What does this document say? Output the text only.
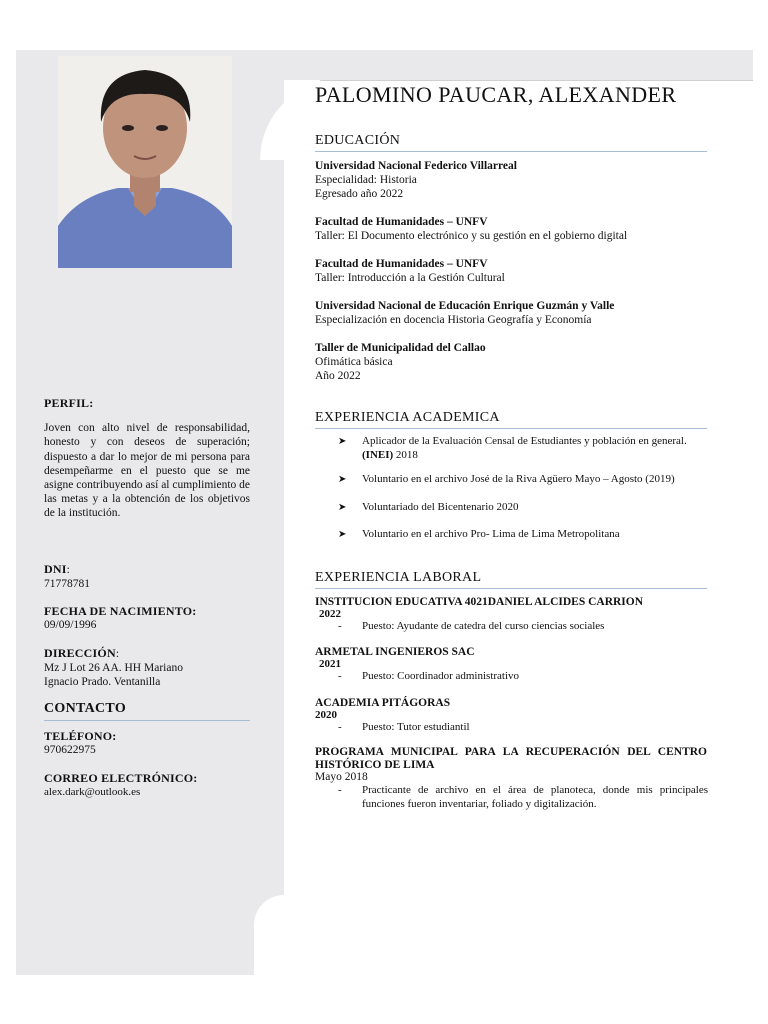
PALOMINO PAUCAR, ALEXANDER
PERFIL:
Joven con alto nivel de responsabilidad, honesto y con deseos de superación; dispuesto a dar lo mejor de mi persona para desempeñarme en el puesto que se me asigne contribuyendo así al cumplimiento de las metas y a la obtención de los objetivos de la institución.
DNI:
71778781
FECHA DE NACIMIENTO:
09/09/1996
DIRECCIÓN:
Mz J Lot 26 AA. HH Mariano
Ignacio Prado. Ventanilla
CONTACTO
TELÉFONO:
970622975
CORREO ELECTRÓNICO:
alex.dark@outlook.es
EDUCACIÓN
Universidad Nacional Federico Villarreal
Especialidad: Historia
Egresado año 2022
Facultad de Humanidades – UNFV
Taller: El Documento electrónico y su gestión en el gobierno digital
Facultad de Humanidades – UNFV
Taller: Introducción a la Gestión Cultural
Universidad Nacional de Educación Enrique Guzmán y Valle
Especialización en docencia Historia Geografía y Economía
Taller de Municipalidad del Callao
Ofimática básica
Año 2022
EXPERIENCIA ACADEMICA
➤ Aplicador de la Evaluación Censal de Estudiantes y población en general.
(INEI) 2018
➤ Voluntario en el archivo José de la Riva Agüero Mayo – Agosto (2019)
➤ Voluntariado del Bicentenario 2020
➤ Voluntario en el archivo Pro- Lima de Lima Metropolitana
EXPERIENCIA LABORAL
INSTITUCION EDUCATIVA 4021DANIEL ALCIDES CARRION
2022
- Puesto: Ayudante de catedra del curso ciencias sociales
ARMETAL INGENIEROS SAC
2021
- Puesto: Coordinador administrativo
ACADEMIA PITÁGORAS
2020
- Puesto: Tutor estudiantil
PROGRAMA MUNICIPAL PARA LA RECUPERACIÓN DEL CENTRO HISTÓRICO DE LIMA
Mayo 2018
- Practicante de archivo en el área de planoteca, donde mis principales funciones fueron inventariar, foliado y digitalización.
